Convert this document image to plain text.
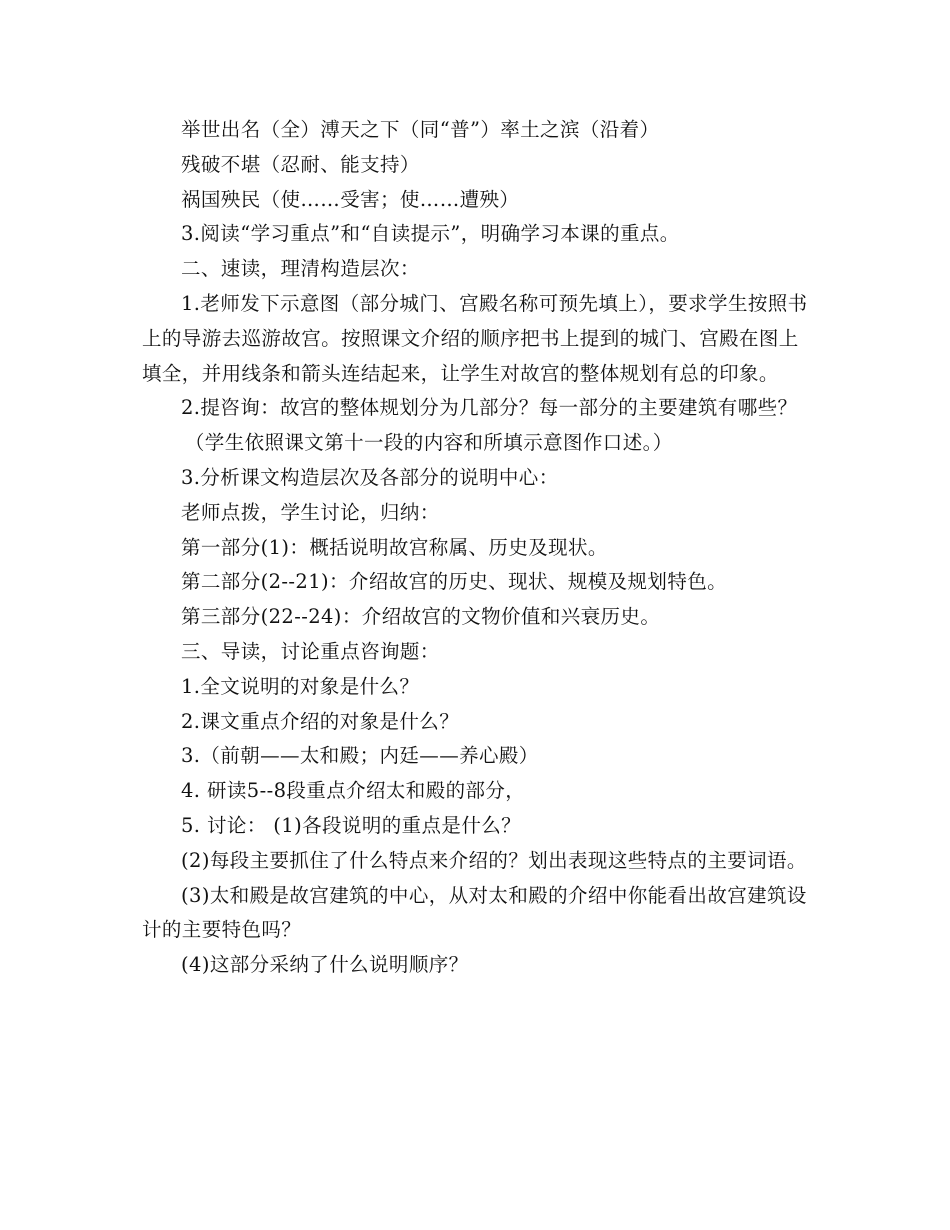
举世出名（全）溥天之下（同“普”）率土之滨（沿着）

残破不堪（忍耐、能支持）

祸国殃民（使……受害；使……遭殃）

3.阅读“学习重点”和“自读提示”，明确学习本课的重点。

二、速读，理清构造层次：

1.老师发下示意图（部分城门、宫殿名称可预先填上），要求学生按照书上的导游去巡游故宫。按照课文介绍的顺序把书上提到的城门、宫殿在图上填全，并用线条和箭头连结起来，让学生对故宫的整体规划有总的印象。

2.提咨询：故宫的整体规划分为几部分？每一部分的主要建筑有哪些？

（学生依照课文第十一段的内容和所填示意图作口述。）

3.分析课文构造层次及各部分的说明中心：

老师点拨，学生讨论，归纳：

第一部分(1)：概括说明故宫称属、历史及现状。

第二部分(2--21)：介绍故宫的历史、现状、规模及规划特色。

第三部分(22--24)：介绍故宫的文物价值和兴衰历史。

三、导读，讨论重点咨询题：

1.全文说明的对象是什么？

2.课文重点介绍的对象是什么？

3.（前朝——太和殿；内廷——养心殿）

4. 研读5--8段重点介绍太和殿的部分，

5. 讨论： (1)各段说明的重点是什么？

(2)每段主要抓住了什么特点来介绍的？划出表现这些特点的主要词语。

(3)太和殿是故宫建筑的中心，从对太和殿的介绍中你能看出故宫建筑设计的主要特色吗？

(4)这部分采纳了什么说明顺序？
